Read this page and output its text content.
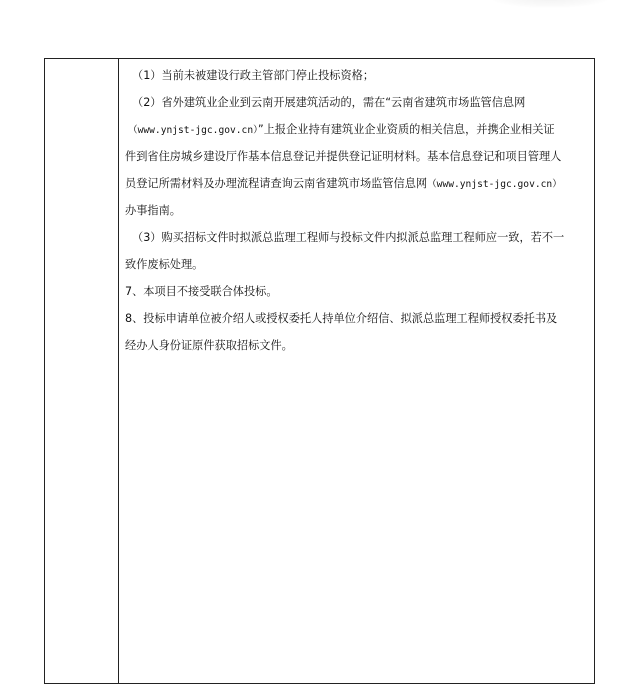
（1）当前未被建设行政主管部门停止投标资格；
（2）省外建筑业企业到云南开展建筑活动的，需在“云南省建筑市场监管信息网
（www.ynjst-jgc.gov.cn）”上报企业持有建筑业企业资质的相关信息，并携企业相关证
件到省住房城乡建设厅作基本信息登记并提供登记证明材料。基本信息登记和项目管理人
员登记所需材料及办理流程请查询云南省建筑市场监管信息网（www.ynjst-jgc.gov.cn）
办事指南。
（3）购买招标文件时拟派总监理工程师与投标文件内拟派总监理工程师应一致，若不一
致作废标处理。
7、本项目不接受联合体投标。
8、投标申请单位被介绍人或授权委托人持单位介绍信、拟派总监理工程师授权委托书及
经办人身份证原件获取招标文件。
